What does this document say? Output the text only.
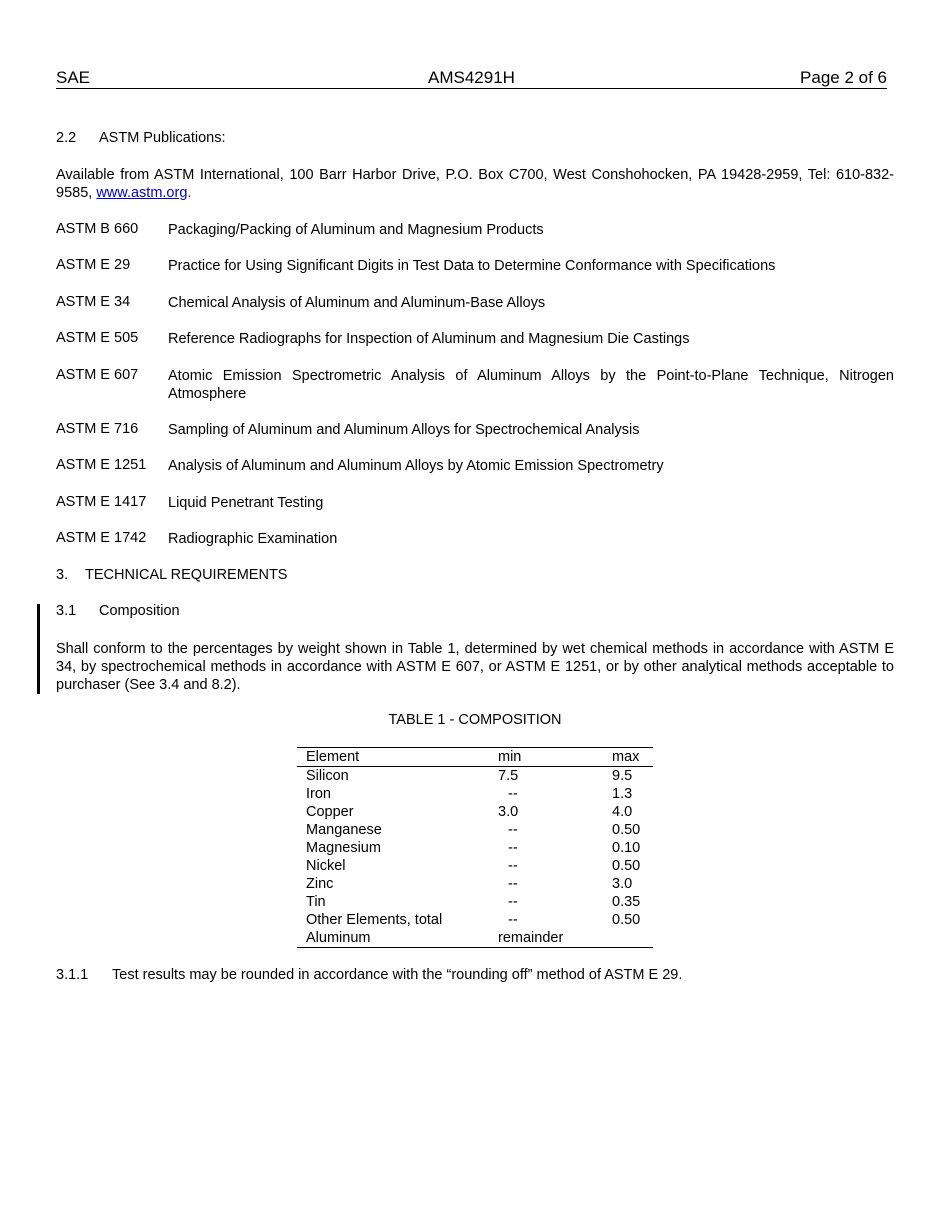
SAE	AMS4291H	Page 2 of 6
2.2 ASTM Publications:
Available from ASTM International, 100 Barr Harbor Drive, P.O. Box C700, West Conshohocken, PA 19428-2959, Tel: 610-832-9585, www.astm.org.
ASTM B 660 Packaging/Packing of Aluminum and Magnesium Products
ASTM E 29	Practice for Using Significant Digits in Test Data to Determine Conformance with Specifications
ASTM E 34	Chemical Analysis of Aluminum and Aluminum-Base Alloys
ASTM E 505 Reference Radiographs for Inspection of Aluminum and Magnesium Die Castings
ASTM E 607 Atomic Emission Spectrometric Analysis of Aluminum Alloys by the Point-to-Plane Technique, Nitrogen Atmosphere
ASTM E 716 Sampling of Aluminum and Aluminum Alloys for Spectrochemical Analysis
ASTM E 1251 Analysis of Aluminum and Aluminum Alloys by Atomic Emission Spectrometry
ASTM E 1417 Liquid Penetrant Testing
ASTM E 1742 Radiographic Examination
3. TECHNICAL REQUIREMENTS
3.1 Composition
Shall conform to the percentages by weight shown in Table 1, determined by wet chemical methods in accordance with ASTM E 34, by spectrochemical methods in accordance with ASTM E 607, or ASTM E 1251, or by other analytical methods acceptable to purchaser (See 3.4 and 8.2).
TABLE 1 - COMPOSITION
Element	min	max
Silicon	7.5	9.5
Iron	--	1.3
Copper	3.0	4.0
Manganese	--	0.50
Magnesium	--	0.10
Nickel	--	0.50
Zinc	--	3.0
Tin	--	0.35
Other Elements, total	--	0.50
Aluminum	remainder	
3.1.1 Test results may be rounded in accordance with the “rounding off” method of ASTM E 29.
